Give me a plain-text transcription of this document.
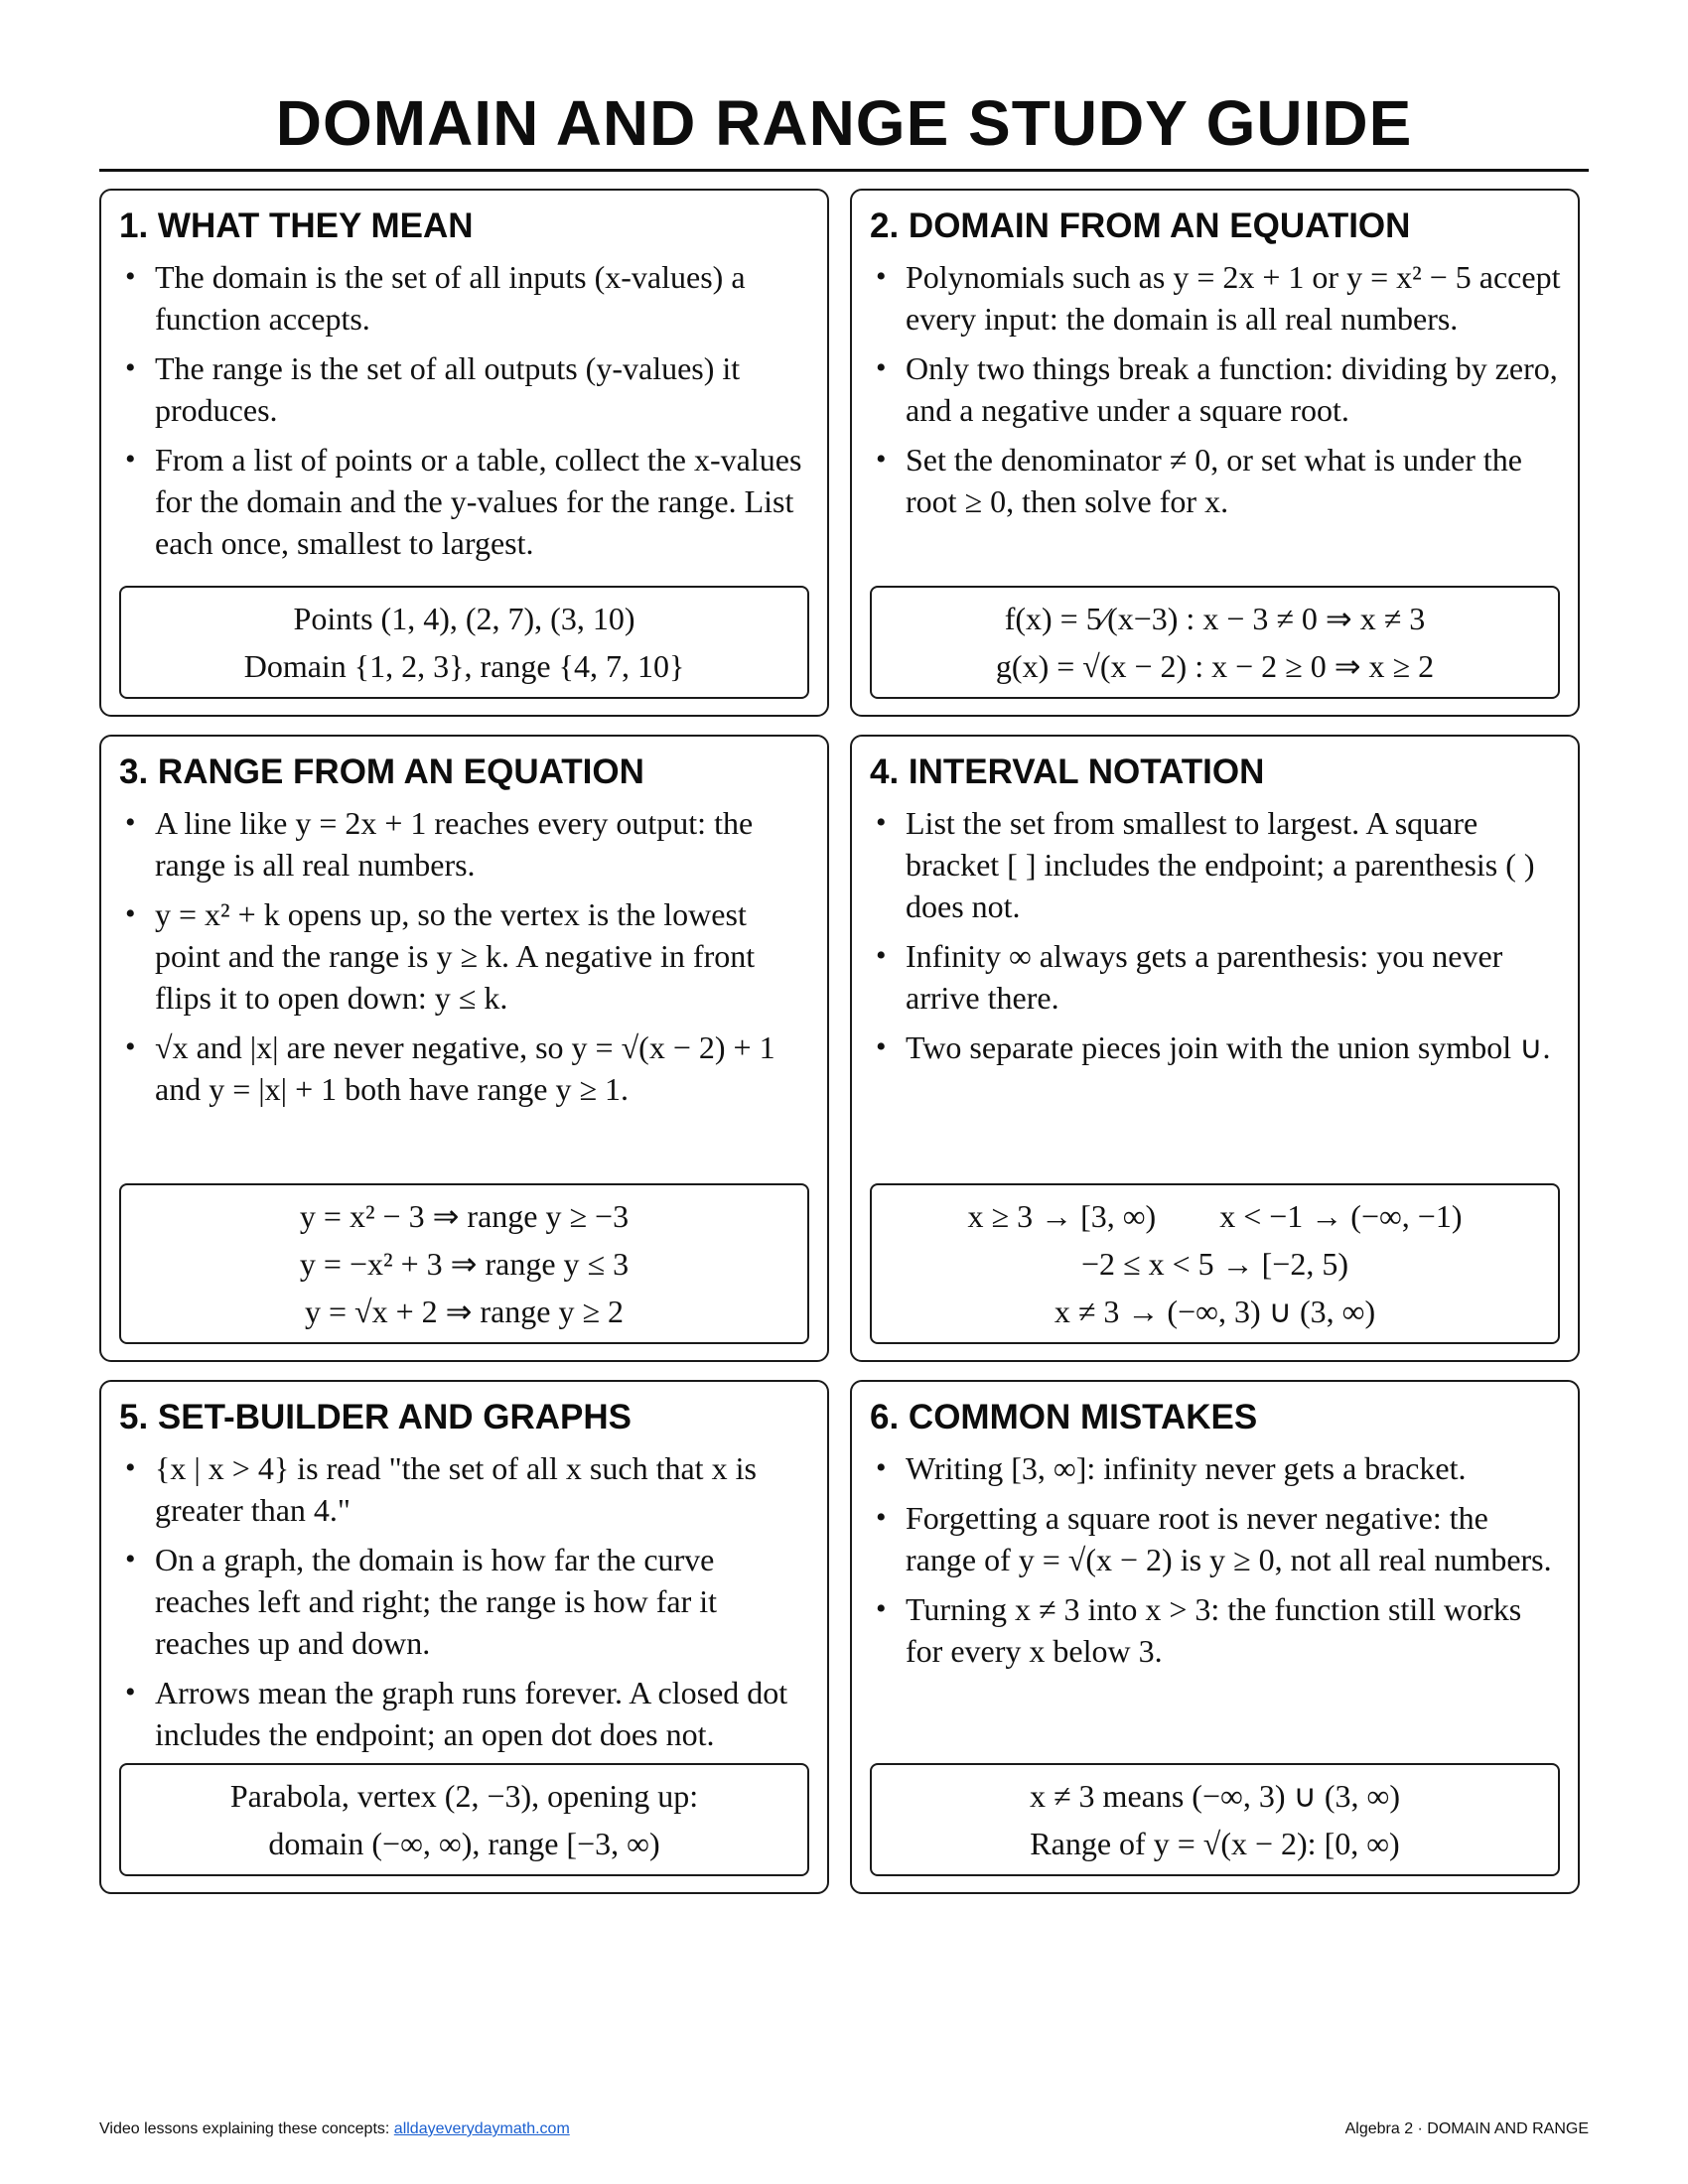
DOMAIN AND RANGE STUDY GUIDE
1. WHAT THEY MEAN
• The domain is the set of all inputs (x-values) a function accepts.
• The range is the set of all outputs (y-values) it produces.
• From a list of points or a table, collect the x-values for the domain and the y-values for the range. List each once, smallest to largest.
Points (1, 4), (2, 7), (3, 10)
Domain {1, 2, 3}, range {4, 7, 10}
2. DOMAIN FROM AN EQUATION
• Polynomials such as y = 2x + 1 or y = x² − 5 accept every input: the domain is all real numbers.
• Only two things break a function: dividing by zero, and a negative under a square root.
• Set the denominator ≠ 0, or set what is under the root ≥ 0, then solve for x.
f(x) = 5⁄(x−3) : x − 3 ≠ 0 ⇒ x ≠ 3
g(x) = √(x − 2) : x − 2 ≥ 0 ⇒ x ≥ 2
3. RANGE FROM AN EQUATION
• A line like y = 2x + 1 reaches every output: the range is all real numbers.
• y = x² + k opens up, so the vertex is the lowest point and the range is y ≥ k. A negative in front flips it to open down: y ≤ k.
• √x and |x| are never negative, so y = √(x − 2) + 1 and y = |x| + 1 both have range y ≥ 1.
y = x² − 3 ⇒ range y ≥ −3
y = −x² + 3 ⇒ range y ≤ 3
y = √x + 2 ⇒ range y ≥ 2
4. INTERVAL NOTATION
• List the set from smallest to largest. A square bracket [ ] includes the endpoint; a parenthesis ( ) does not.
• Infinity ∞ always gets a parenthesis: you never arrive there.
• Two separate pieces join with the union symbol ∪.
x ≥ 3 → [3, ∞)        x < −1 → (−∞, −1)
−2 ≤ x < 5 → [−2, 5)
x ≠ 3 → (−∞, 3) ∪ (3, ∞)
5. SET-BUILDER AND GRAPHS
• {x | x > 4} is read "the set of all x such that x is greater than 4."
• On a graph, the domain is how far the curve reaches left and right; the range is how far it reaches up and down.
• Arrows mean the graph runs forever. A closed dot includes the endpoint; an open dot does not.
Parabola, vertex (2, −3), opening up:
domain (−∞, ∞), range [−3, ∞)
6. COMMON MISTAKES
• Writing [3, ∞]: infinity never gets a bracket.
• Forgetting a square root is never negative: the range of y = √(x − 2) is y ≥ 0, not all real numbers.
• Turning x ≠ 3 into x > 3: the function still works for every x below 3.
x ≠ 3 means (−∞, 3) ∪ (3, ∞)
Range of y = √(x − 2): [0, ∞)
Video lessons explaining these concepts: alldayeverydaymath.com	Algebra 2 · DOMAIN AND RANGE
